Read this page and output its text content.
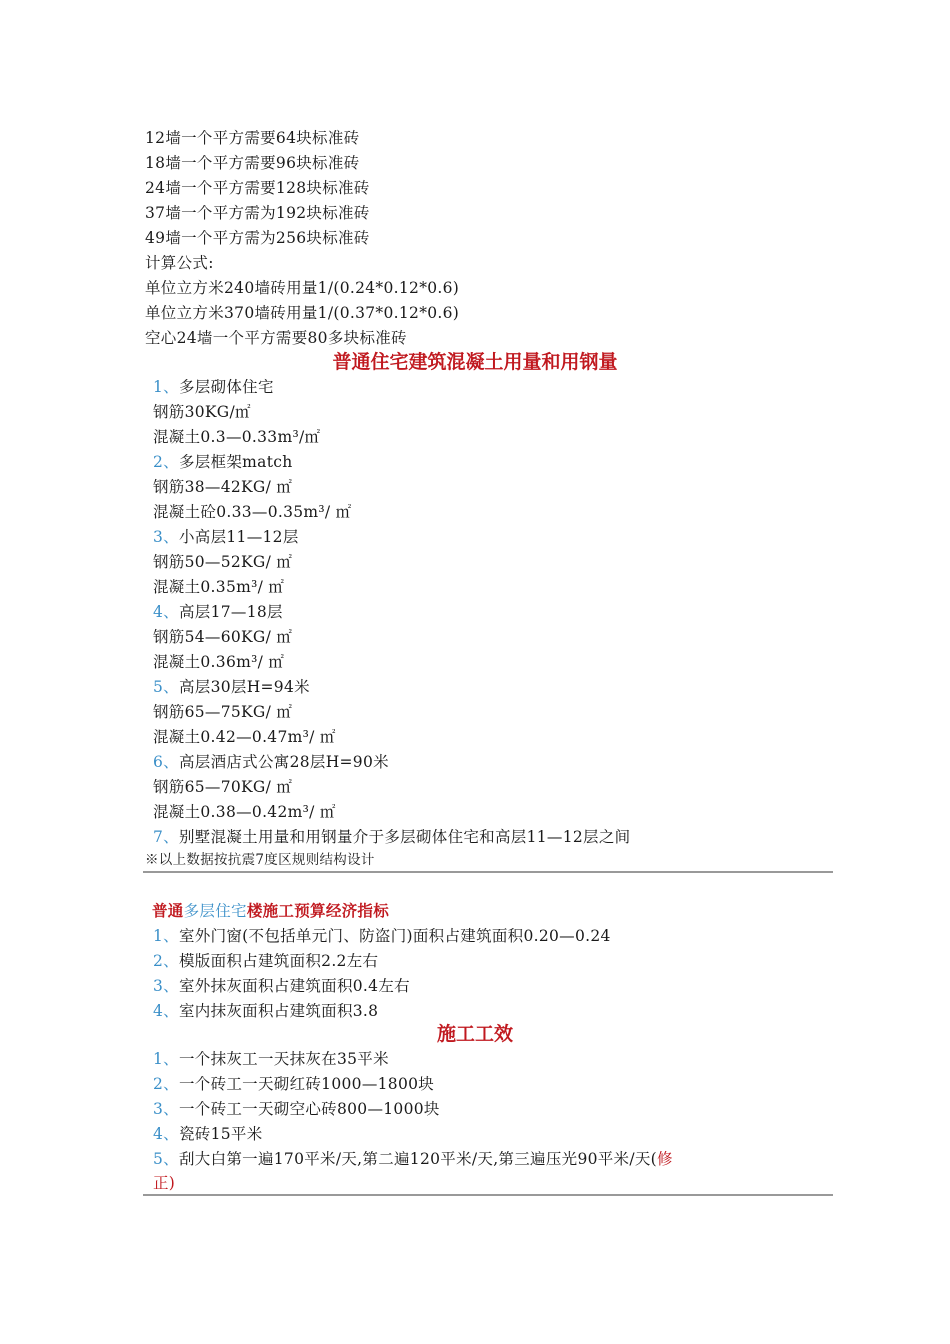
12墙一个平方需要64块标准砖
18墙一个平方需要96块标准砖
24墙一个平方需要128块标准砖
37墙一个平方需为192块标准砖
49墙一个平方需为256块标准砖
计算公式:
单位立方米240墙砖用量1/(0.24*0.12*0.6)
单位立方米370墙砖用量1/(0.37*0.12*0.6)
空心24墙一个平方需要80多块标准砖
普通住宅建筑混凝土用量和用钢量
1、多层砌体住宅
钢筋30KG/㎡
混凝土0.3—0.33m³/㎡
2、多层框架match
钢筋38—42KG/ ㎡
混凝土砼0.33—0.35m³/ ㎡
3、小高层11—12层
钢筋50—52KG/ ㎡
混凝土0.35m³/ ㎡
4、高层17—18层
钢筋54—60KG/ ㎡
混凝土0.36m³/ ㎡
5、高层30层H=94米
钢筋65—75KG/ ㎡
混凝土0.42—0.47m³/ ㎡
6、高层酒店式公寓28层H=90米
钢筋65—70KG/ ㎡
混凝土0.38—0.42m³/ ㎡
7、别墅混凝土用量和用钢量介于多层砌体住宅和高层11—12层之间
※以上数据按抗震7度区规则结构设计
普通多层住宅楼施工预算经济指标
1、室外门窗(不包括单元门、防盗门)面积占建筑面积0.20—0.24
2、模版面积占建筑面积2.2左右
3、室外抹灰面积占建筑面积0.4左右
4、室内抹灰面积占建筑面积3.8
施工工效
1、一个抹灰工一天抹灰在35平米
2、一个砖工一天砌红砖1000—1800块
3、一个砖工一天砌空心砖800—1000块
4、瓷砖15平米
5、刮大白第一遍170平米/天,第二遍120平米/天,第三遍压光90平米/天(修
正)
